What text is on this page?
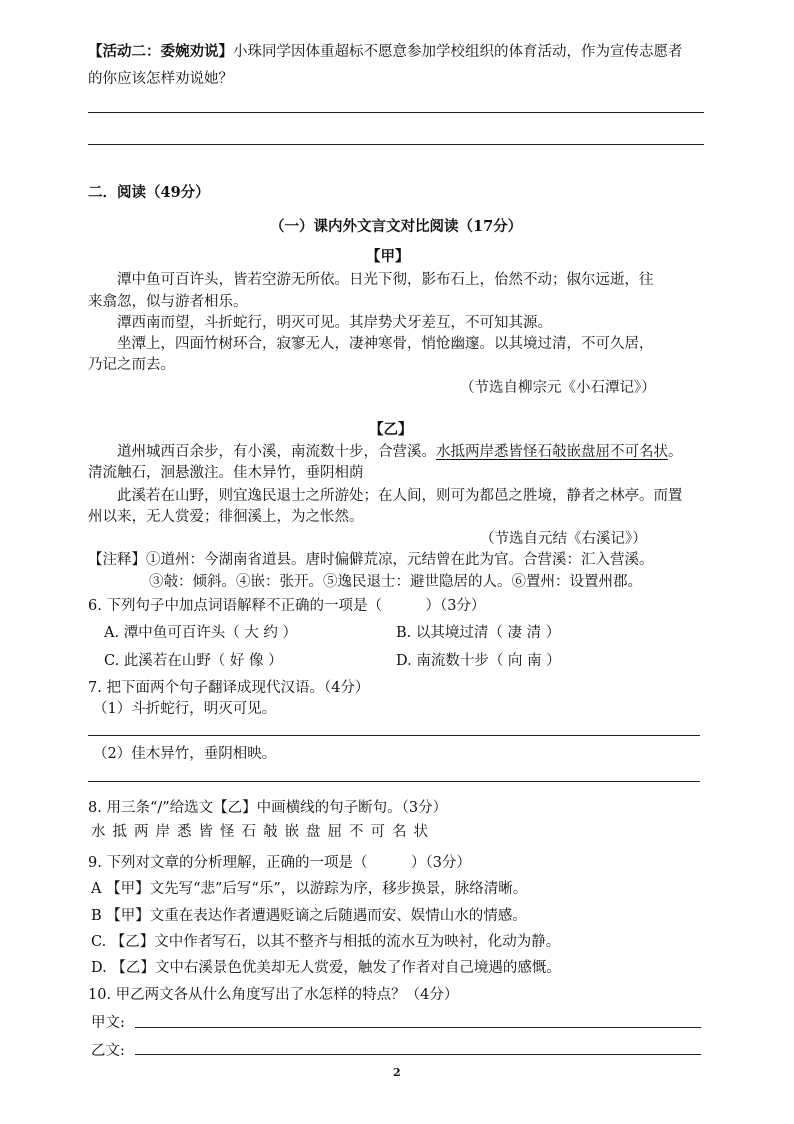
【活动二：委婉劝说】小珠同学因体重超标不愿意参加学校组织的体育活动，作为宣传志愿者
的你应该怎样劝说她？
二．阅读（49分）
（一）课内外文言文对比阅读（17分）
【甲】
潭中鱼可百许头，皆若空游无所依。日光下彻，影布石上，佁然不动；俶尔远逝，往
来翕忽，似与游者相乐。
潭西南而望，斗折蛇行，明灭可见。其岸势犬牙差互，不可知其源。
坐潭上，四面竹树环合，寂寥无人，凄神寒骨，悄怆幽邃。以其境过清，不可久居，
乃记之而去。
（节选自柳宗元《小石潭记》）
【乙】
道州城西百余步，有小溪，南流数十步，合营溪。水抵两岸悉皆怪石攲嵌盘屈不可名状。
清流触石，洄悬激注。佳木异竹，垂阴相荫
此溪若在山野，则宜逸民退士之所游处；在人间，则可为都邑之胜境，静者之林亭。而置
州以来，无人赏爱；徘徊溪上，为之怅然。
（节选自元结《右溪记》）
【注释】①道州：今湖南省道县。唐时偏僻荒凉，元结曾在此为官。合营溪：汇入营溪。
③攲：倾斜。④嵌：张开。⑤逸民退士：避世隐居的人。⑥置州：设置州郡。
6. 下列句子中加点词语解释不正确的一项是（　　　）（3分）
A. 潭中鱼可百许头（ 大 约 ）	B. 以其境过清（ 凄 清 ）
C. 此溪若在山野（ 好 像 ）	D. 南流数十步（ 向 南 ）
7. 把下面两个句子翻译成现代汉语。（4分）
（1）斗折蛇行，明灭可见。
（2）佳木异竹，垂阴相映。
8. 用三条“/”给选文【乙】中画横线的句子断句。（3分）
水抵两岸悉皆怪石攲嵌盘屈不可名状
9. 下列对文章的分析理解，正确的一项是（　　　）（3分）
A 【甲】文先写“悲”后写“乐”，以游踪为序，移步换景，脉络清晰。
B 【甲】文重在表达作者遭遇贬谪之后随遇而安、娱情山水的情感。
C. 【乙】文中作者写石，以其不整齐与相抵的流水互为映衬，化动为静。
D. 【乙】文中右溪景色优美却无人赏爱，触发了作者对自己境遇的感慨。
10. 甲乙两文各从什么角度写出了水怎样的特点？（4分）
甲文:
乙文:
2
